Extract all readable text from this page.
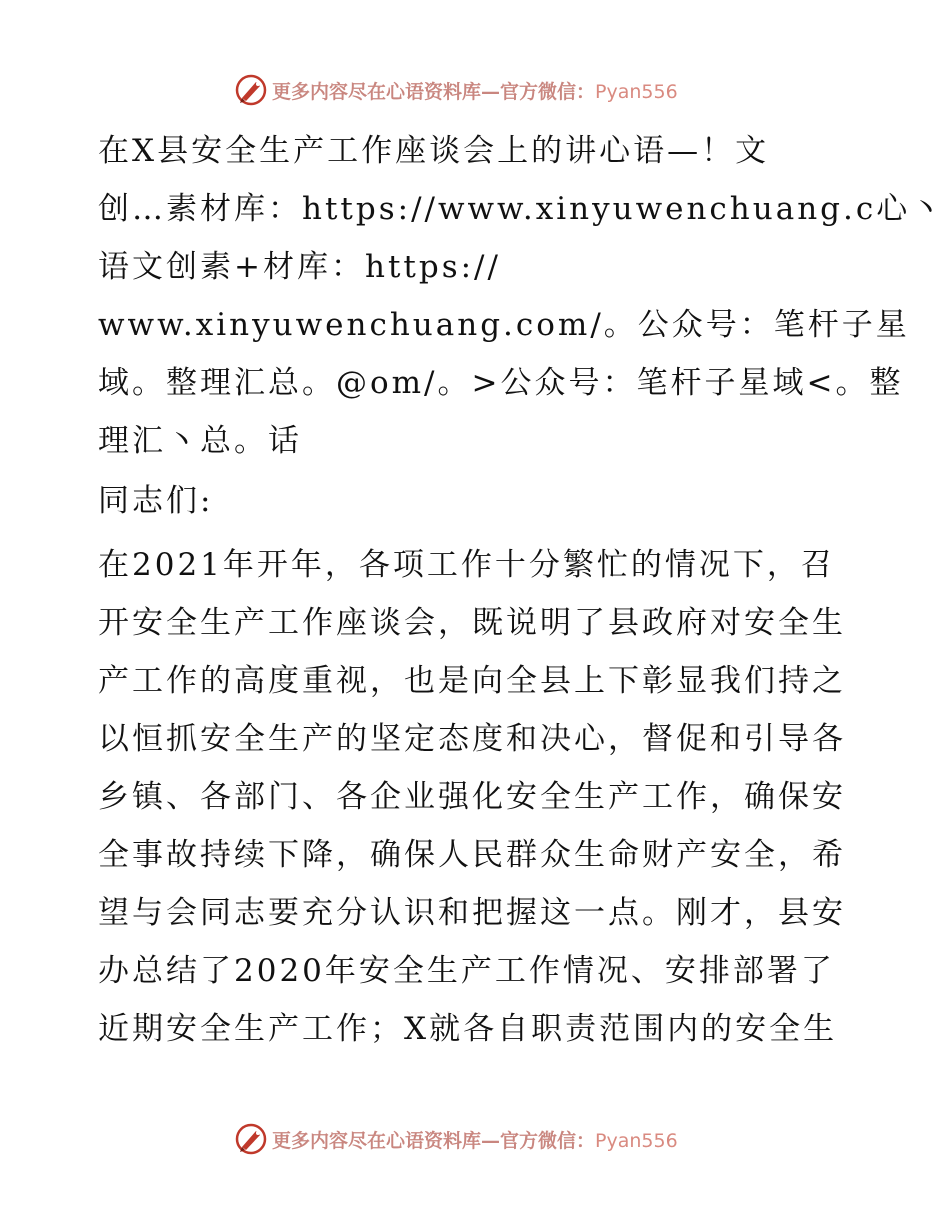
更多内容尽在心语资料库—官方微信：Pyan556
在X县安全生产工作座谈会上的讲心语—！文
创…素材库：https://www.xinyuwenchuang.c心丶
语文创素+材库：https://
www.xinyuwenchuang.com/。公众号：笔杆子星
域。整理汇总。@om/。>公众号：笔杆子星域<。整
理汇丶总。话
同志们:
在2021年开年，各项工作十分繁忙的情况下，召
开安全生产工作座谈会，既说明了县政府对安全生
产工作的高度重视，也是向全县上下彰显我们持之
以恒抓安全生产的坚定态度和决心，督促和引导各
乡镇、各部门、各企业强化安全生产工作，确保安
全事故持续下降，确保人民群众生命财产安全，希
望与会同志要充分认识和把握这一点。刚才，县安
办总结了2020年安全生产工作情况、安排部署了
近期安全生产工作；X就各自职责范围内的安全生
更多内容尽在心语资料库—官方微信：Pyan556
